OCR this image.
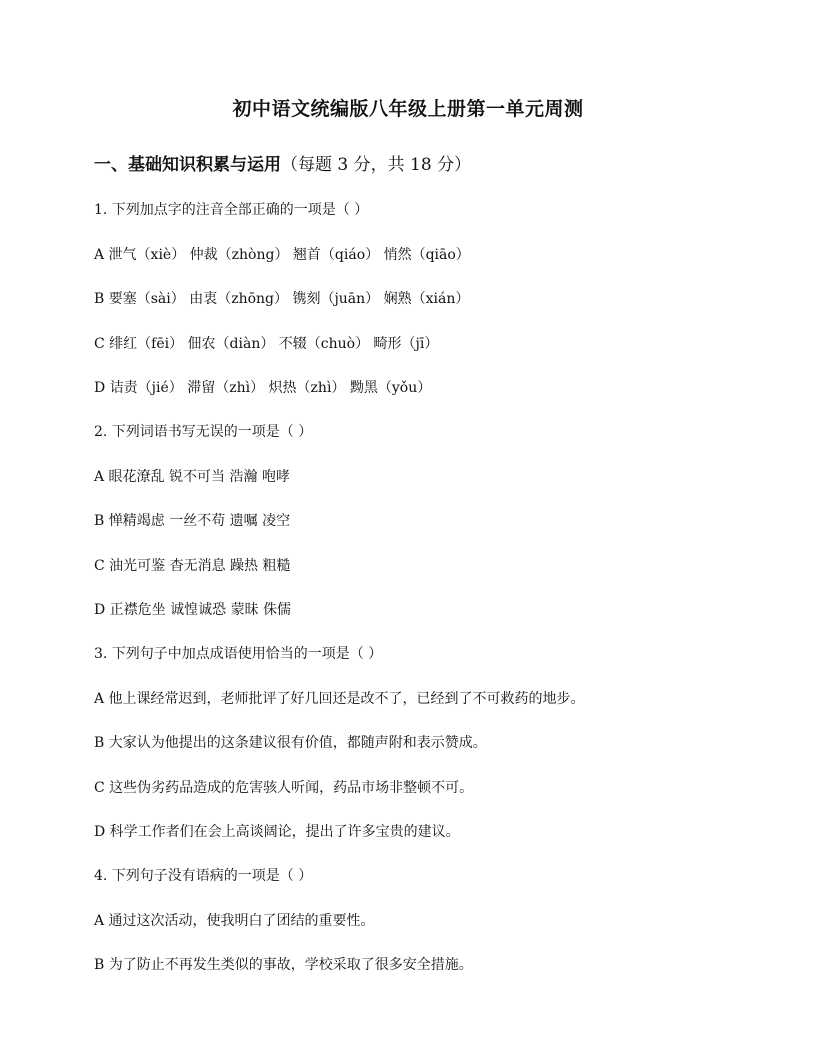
初中语文统编版八年级上册第一单元周测
一、基础知识积累与运用（每题 3 分，共 18 分）

1. 下列加点字的注音全部正确的一项是（ ）

A 泄气（xiè） 仲裁（zhòng） 翘首（qiáo） 悄然（qiāo）

B 要塞（sài） 由衷（zhōng） 镌刻（juān） 娴熟（xián）

C 绯红（fēi） 佃农（diàn） 不辍（chuò） 畸形（jī）

D 诘责（jié） 滞留（zhì） 炽热（zhì） 黝黑（yǒu）

2. 下列词语书写无误的一项是（ ）

A 眼花潦乱 锐不可当 浩瀚 咆哮

B 惮精竭虑 一丝不苟 遗嘱 凌空

C 油光可鉴 杳无消息 躁热 粗糙

D 正襟危坐 诚惶诚恐 蒙昧 侏儒

3. 下列句子中加点成语使用恰当的一项是（ ）

A 他上课经常迟到，老师批评了好几回还是改不了，已经到了不可救药的地步。

B 大家认为他提出的这条建议很有价值，都随声附和表示赞成。

C 这些伪劣药品造成的危害骇人听闻，药品市场非整顿不可。

D 科学工作者们在会上高谈阔论，提出了许多宝贵的建议。

4. 下列句子没有语病的一项是（ ）

A 通过这次活动，使我明白了团结的重要性。

B 为了防止不再发生类似的事故，学校采取了很多安全措施。
